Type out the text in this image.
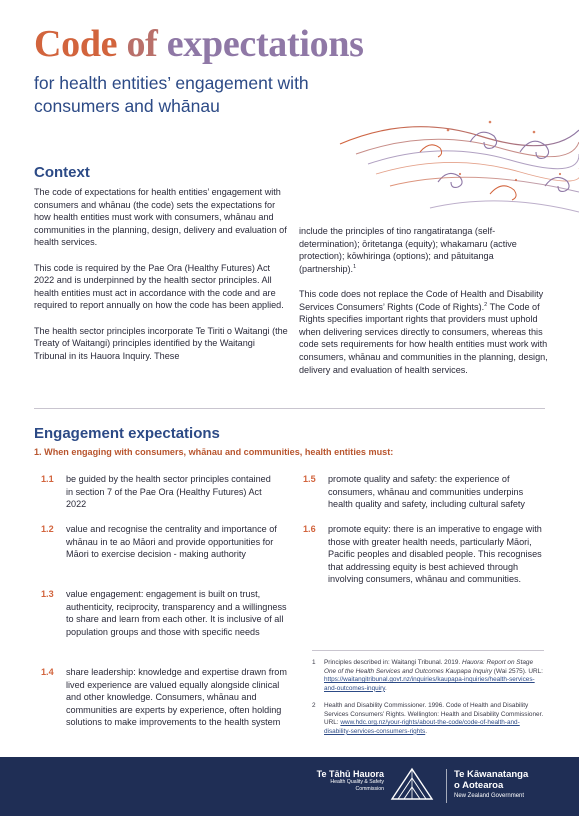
Code of expectations
for health entities’ engagement with consumers and whānau
Context

The code of expectations for health entities’ engagement with consumers and whānau (the code) sets the expectations for how health entities must work with consumers, whānau and communities in the planning, design, delivery and evaluation of health services.

This code is required by the Pae Ora (Healthy Futures) Act 2022 and is underpinned by the health sector principles. All health entities must act in accordance with the code and are required to report annually on how the code has been applied.

The health sector principles incorporate Te Tiriti o Waitangi (the Treaty of Waitangi) principles identified by the Waitangi Tribunal in its Hauora Inquiry. These

include the principles of tino rangatiratanga (self-determination); ōritetanga (equity); whakamaru (active protection); kōwhiringa (options); and pātuitanga (partnership).$^1$

This code does not replace the Code of Health and Disability Services Consumers’ Rights (Code of Rights).$^2$ The Code of Rights specifies important rights that providers must uphold when delivering services directly to consumers, whereas this code sets requirements for how health entities must work with consumers, whānau and communities in the planning, design, delivery and evaluation of health services.

Engagement expectations
1. When engaging with consumers, whānau and communities, health entities must:
1.1	be guided by the health sector principles contained in section 7 of the Pae Ora (Healthy Futures) Act 2022
1.2	value and recognise the centrality and importance of whānau in te ao Māori and provide opportunities for Māori to exercise decision - making authority
1.3	value engagement: engagement is built on trust, authenticity, reciprocity, transparency and a willingness to share and learn from each other. It is inclusive of all population groups and those with specific needs
1.4	share leadership: knowledge and expertise drawn from lived experience are valued equally alongside clinical and other knowledge. Consumers, whānau and communities are experts by experience, often holding solutions to make improvements to the health system
1.5	promote quality and safety: the experience of consumers, whānau and communities underpins health quality and safety, including cultural safety
1.6	promote equity: there is an imperative to engage with those with greater health needs, particularly Māori, Pacific peoples and disabled people. This recognises that addressing equity is best achieved through involving consumers, whānau and communities.
1	Principles described in: Waitangi Tribunal. 2019. Hauora: Report on Stage One of the Health Services and Outcomes Kaupapa Inquiry (Wai 2575). URL: https://waitangitribunal.govt.nz/inquiries/kaupapa-inquiries/health-services-and-outcomes-inquiry.
2	Health and Disability Commissioner. 1996. Code of Health and Disability Services Consumers’ Rights. Wellington: Health and Disability Commissioner. URL: www.hdc.org.nz/your-rights/about-the-code/code-of-health-and-disability-services-consumers-rights.
Te Tāhū Hauora
Health Quality & Safety
Commission
Te Kāwanatanga
o Aotearoa
New Zealand Government
